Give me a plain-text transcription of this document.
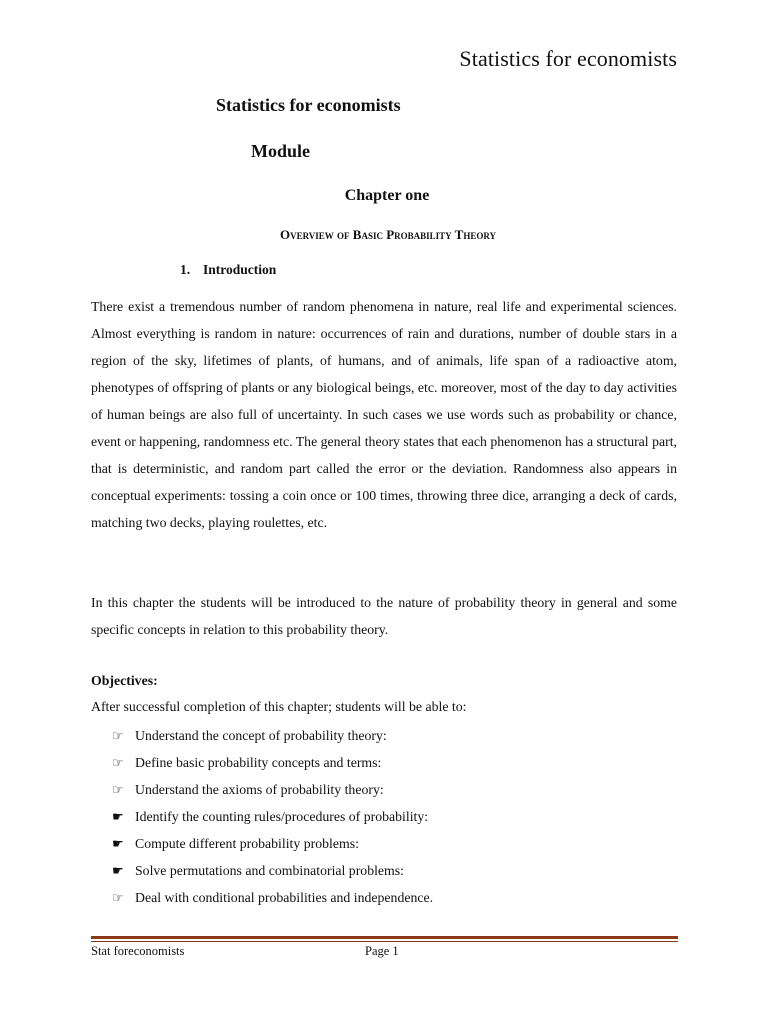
Statistics for economists
Statistics for economists
Module
Chapter one
Overview of Basic Probability Theory
1. Introduction

There exist a tremendous number of random phenomena in nature, real life and experimental sciences. Almost everything is random in nature: occurrences of rain and durations, number of double stars in a region of the sky, lifetimes of plants, of humans, and of animals, life span of a radioactive atom, phenotypes of offspring of plants or any biological beings, etc. moreover, most of the day to day activities of human beings are also full of uncertainty. In such cases we use words such as probability or chance, event or happening, randomness etc. The general theory states that each phenomenon has a structural part, that is deterministic, and random part called the error or the deviation. Randomness also appears in conceptual experiments: tossing a coin once or 100 times, throwing three dice, arranging a deck of cards, matching two decks, playing roulettes, etc.

In this chapter the students will be introduced to the nature of probability theory in general and some specific concepts in relation to this probability theory.

Objectives:
After successful completion of this chapter; students will be able to:
☞ Understand the concept of probability theory:
☞ Define basic probability concepts and terms:
☞ Understand the axioms of probability theory:
☛ Identify the counting rules/procedures of probability:
☛ Compute different probability problems:
☛ Solve permutations and combinatorial problems:
☞ Deal with conditional probabilities and independence.
Stat foreconomists	Page 1
